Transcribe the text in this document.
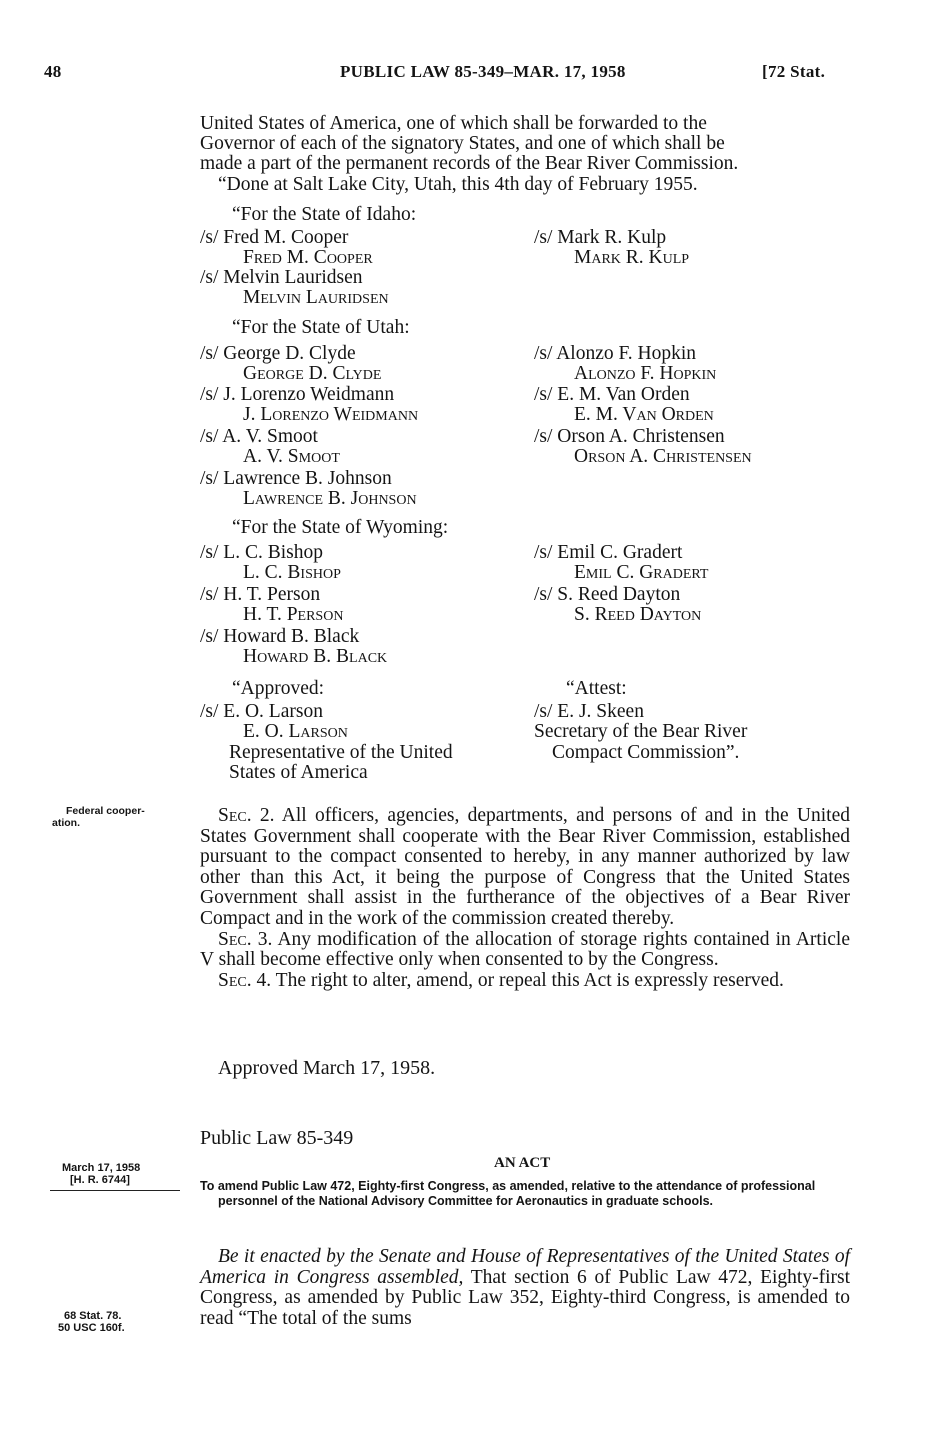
48	PUBLIC LAW 85-349–MAR. 17, 1958	[72 Stat.
United States of America, one of which shall be forwarded to the
Governor of each of the signatory States, and one of which shall be
made a part of the permanent records of the Bear River Commission.
“Done at Salt Lake City, Utah, this 4th day of February 1955.
“For the State of Idaho:
/s/ Fred M. Cooper
Fred M. Cooper
/s/ Mark R. Kulp
Mark R. Kulp
/s/ Melvin Lauridsen
Melvin Lauridsen
“For the State of Utah:
/s/ George D. Clyde
George D. Clyde
/s/ Alonzo F. Hopkin
Alonzo F. Hopkin
/s/ J. Lorenzo Weidmann
J. Lorenzo Weidmann
/s/ E. M. Van Orden
E. M. Van Orden
/s/ A. V. Smoot
A. V. Smoot
/s/ Orson A. Christensen
Orson A. Christensen
/s/ Lawrence B. Johnson
Lawrence B. Johnson
“For the State of Wyoming:
/s/ L. C. Bishop
L. C. Bishop
/s/ Emil C. Gradert
Emil C. Gradert
/s/ H. T. Person
H. T. Person
/s/ S. Reed Dayton
S. Reed Dayton
/s/ Howard B. Black
Howard B. Black
“Approved:
/s/ E. O. Larson
E. O. Larson
Representative of the United
States of America
“Attest:
/s/ E. J. Skeen
Secretary of the Bear River
Compact Commission”.
Federal cooper-
ation.	Sec. 2. All officers, agencies, departments, and persons of and in the United States Government shall cooperate with the Bear River Commission, established pursuant to the compact consented to hereby, in any manner authorized by law other than this Act, it being the purpose of Congress that the United States Government shall assist in the furtherance of the objectives of a Bear River Compact and in the work of the commission created thereby.

Sec. 3. Any modification of the allocation of storage rights contained in Article V shall become effective only when consented to by the Congress.

Sec. 4. The right to alter, amend, or repeal this Act is expressly reserved.

Approved March 17, 1958.
Public Law 85-349
March 17, 1958
[H. R. 6744]
AN ACT
To amend Public Law 472, Eighty-first Congress, as amended, relative to the attendance of professional personnel of the National Advisory Committee for Aeronautics in graduate schools.

Be it enacted by the Senate and House of Representatives of the United States of America in Congress assembled, That section 6 of Public Law 472, Eighty-first Congress, as amended by Public Law 352, Eighty-third Congress, is amended to read “The total of the sums

68 Stat. 78.
50 USC 160f.
